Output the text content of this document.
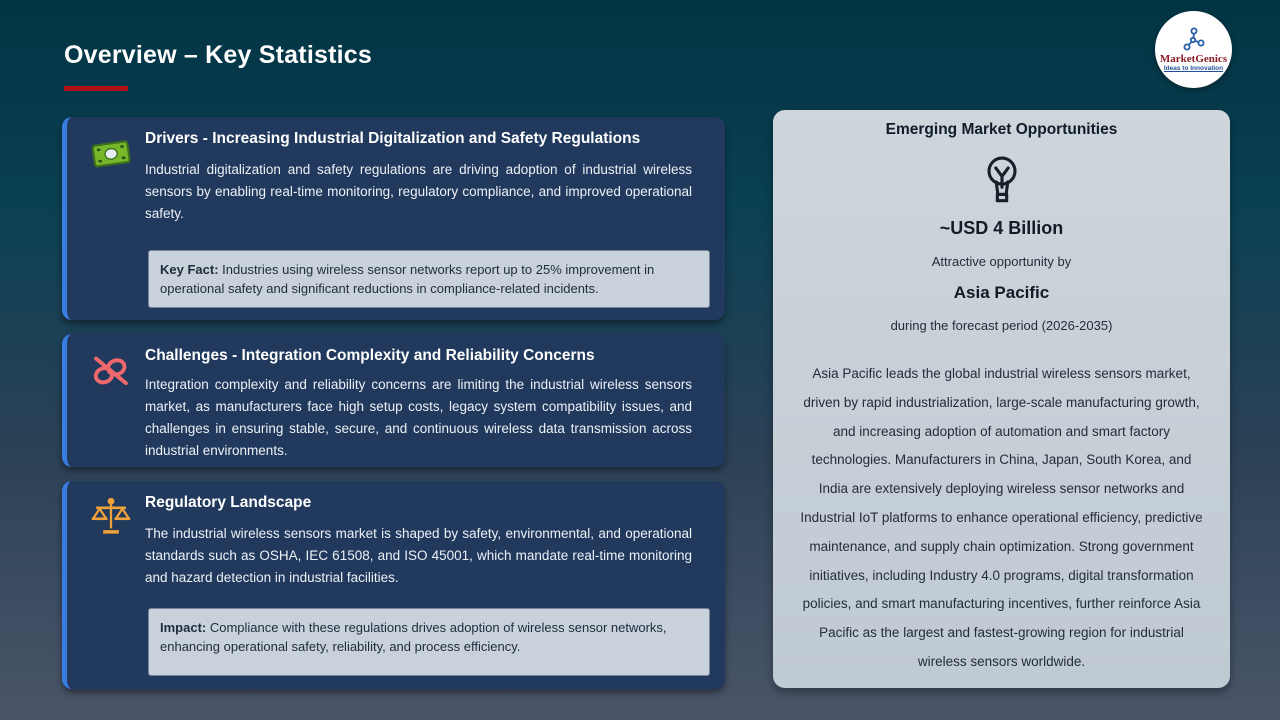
Overview – Key Statistics	MarketGenics
Ideas to Innovation
Drivers - Increasing Industrial Digitalization and Safety Regulations
Industrial digitalization and safety regulations are driving adoption of industrial wireless sensors by enabling real-time monitoring, regulatory compliance, and improved operational safety.
Key Fact: Industries using wireless sensor networks report up to 25% improvement in operational safety and significant reductions in compliance-related incidents.
Challenges - Integration Complexity and Reliability Concerns
Integration complexity and reliability concerns are limiting the industrial wireless sensors market, as manufacturers face high setup costs, legacy system compatibility issues, and challenges in ensuring stable, secure, and continuous wireless data transmission across industrial environments.
Regulatory Landscape
The industrial wireless sensors market is shaped by safety, environmental, and operational standards such as OSHA, IEC 61508, and ISO 45001, which mandate real-time monitoring and hazard detection in industrial facilities.
Impact: Compliance with these regulations drives adoption of wireless sensor networks, enhancing operational safety, reliability, and process efficiency.
Emerging Market Opportunities
~USD 4 Billion
Attractive opportunity by
Asia Pacific
during the forecast period (2026-2035)
Asia Pacific leads the global industrial wireless sensors market, driven by rapid industrialization, large-scale manufacturing growth, and increasing adoption of automation and smart factory technologies. Manufacturers in China, Japan, South Korea, and India are extensively deploying wireless sensor networks and Industrial IoT platforms to enhance operational efficiency, predictive maintenance, and supply chain optimization. Strong government initiatives, including Industry 4.0 programs, digital transformation policies, and smart manufacturing incentives, further reinforce Asia Pacific as the largest and fastest-growing region for industrial wireless sensors worldwide.
